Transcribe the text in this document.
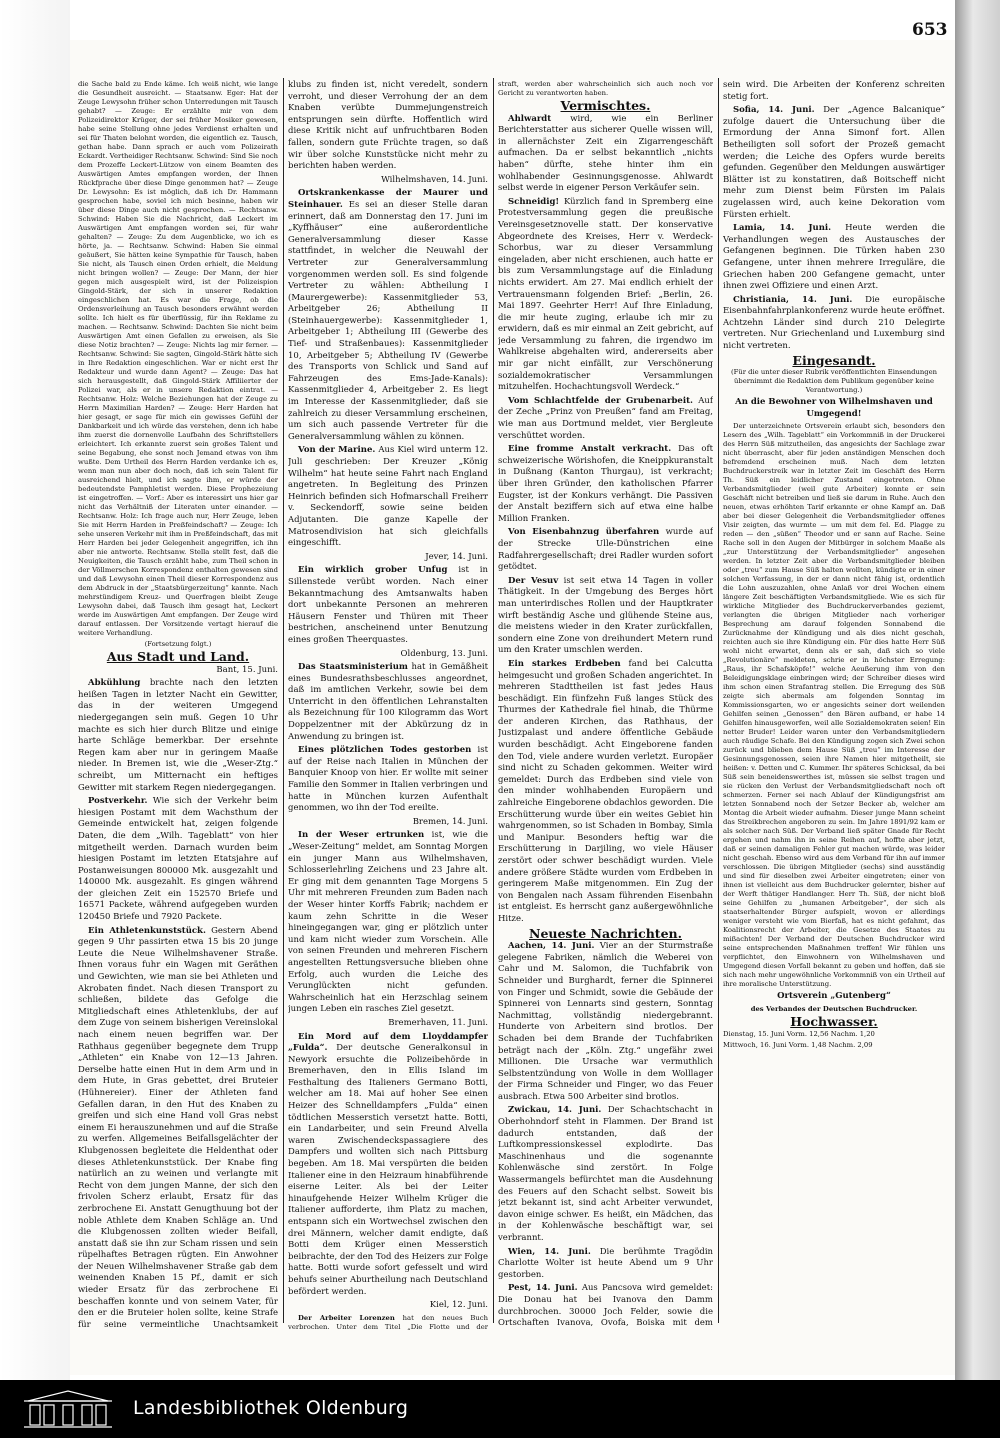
653

die Sache bald zu Ende käme. Ich weiß nicht, wie lange die Gesundheit ausreicht. — Staatsanw. Eger: Hat der Zeuge Lewysohn früher schon Unterredungen mit Tausch gehabt? — Zeuge: Er erzählte mir von dem Polizeidirektor Krüger, der sei früher Mosiker gewesen, habe seine Stellung ohne jedes Verdienst erhalten und sei für Thaten belohnt worden, die eigentlich ez. Tausch, gethan habe. Dann sprach er auch vom Polizeirath Eckardt. Vertheidiger Rechtsanw. Schwind: Sind Sie noch dem Prozeffe Leckert-Lützow von einem Beamten des Auswärtigen Amtes empfangen worden, der Ihnen Rückfprache über diese Dinge genommen hat? — Zeuge Dr. Lewysohn: Es ist möglich, daß ich Dr. Hammann gesprochen habe, soviel ich mich besinne, haben wir über diese Dinge auch nicht gesprochen. — Rechtsanw. Schwind: Haben Sie die Nachricht, daß Leckert im Auswärtigen Amt empfangen worden sei, für wahr gehalten? — Zeuge: Zu dem Augenblicke, wo ich es hörte, ja. — Rechtsanw. Schwind: Haben Sie einmal geäußert, Sie hätten keine Sympathie für Tausch, haben Sie nicht, als Tausch einen Orden erhielt, die Meldung nicht bringen wollen? — Zeuge: Der Mann, der hier gegen mich ausgespielt wird, ist der Polizeispion Gingold-Stärk, der sich in unserer Redaktion eingeschlichen hat. Es war die Frage, ob die Ordensverleihung an Tausch besonders erwähnt werden sollte. Ich hielt es für überflüssig, für ihn Reklame zu machen. — Rechtsanw. Schwind: Dachten Sie nicht beim Auswärtigen Amt einen Gefallen zu erweisen, als Sie diese Notiz brachten? — Zeuge: Nichts lag mir ferner. — Rechtsanw. Schwind: Sie sagten, Gingold-Stärk hätte sich in Ihre Redaktion eingeschlichen. War er nicht erst Ihr Redakteur und wurde dann Agent? — Zeuge: Das hat sich herausgestellt, daß Gingold-Stärk Affiliierter der Polizei war, als er in unsere Redaktion eintrat. — Rechtsanw. Holz: Welche Beziehungen hat der Zeuge zu Herrn Maximilian Harden? — Zeuge: Herr Harden hat hier gesagt, er sage für mich ein gewisses Gefühl der Dankbarkeit und ich würde das verstehen, denn ich habe ihm zuerst die dornenvolle Laufbahn des Schriftstellers erleichtert. Ich erkannte zuerst sein großes Talent und seine Begabung, ehe sonst noch Jemand etwas von ihm wußte. Dem Urtheil des Herrn Harden verdanke ich es, wenn man nun aber doch noch, daß ich sein Talent für ausreichend hielt, und ich sagte ihm, er würde der bedeutendste Pamphletist werden. Diese Prophezeiung ist eingetroffen. — Vorf.: Aber es interessirt uns hier gar nicht das Verhältniß der Literaten unter einander. — Rechtsanw. Holz: Ich frage auch nur, Herr Zeuge, leben Sie mit Herrn Harden in Preßfeindschaft? — Zeuge: Ich sehe unseren Verkehr mit ihm in Preßfeindschaft, das mit Herr Harden bei jeder Gelegenheit angegriffen, ich ihn aber nie antworte. Rechtsanw. Stella stellt fest, daß die Neuigkeiten, die Tausch erzählt habe, zum Theil schon in der Völlmerschen Korrespondenz enthalten gewesen sind und daß Lewysohn einen Theil dieser Korrespondenz aus dem Abdruck in der „Staatsbürgerzeitung“ kannte. Nach mehrstündigem Kreuz- und Querfragen bleibt Zeuge Lewysohn dabei, daß Tausch ihm gesagt hat, Leckert werde im Auswärtigen Amt empfangen. Der Zeuge wird darauf entlassen. Der Vorsitzende vertagt hierauf die weitere Verhandlung.

(Fortsetzung folgt.)

Aus Stadt und Land.

Bant, 15. Juni.

Abkühlung brachte nach den letzten heißen Tagen in letzter Nacht ein Gewitter, das in der weiteren Umgegend niedergegangen sein muß. Gegen 10 Uhr machte es sich hier durch Blitze und einige harte Schläge bemerkbar. Der ersehnte Regen kam aber nur in geringem Maaße nieder. In Bremen ist, wie die „Weser-Ztg.“ schreibt, um Mitternacht ein heftiges Gewitter mit starkem Regen niedergegangen.

Postverkehr. Wie sich der Verkehr beim hiesigen Postamt mit dem Wachsthum der Gemeinde entwickelt hat, zeigen folgende Daten, die dem „Wilh. Tageblatt“ von hier mitgetheilt werden. Darnach wurden beim hiesigen Postamt im letzten Etatsjahre auf Postanweisungen 800000 Mk. ausgezahlt und 140000 Mk. ausgezahlt. Es gingen während der gleichen Zeit ein 152570 Briefe und 16571 Packete, während aufgegeben wurden 120450 Briefe und 7920 Packete.

Ein Athletenkunststück. Gestern Abend gegen 9 Uhr passirten etwa 15 bis 20 junge Leute die Neue Wilhelmshavener Straße. Ihnen voraus fuhr ein Wagen mit Geräthen und Gewichten, wie man sie bei Athleten und Akrobaten findet. Nach diesen Transport zu schließen, bildete das Gefolge die Mitgliedschaft eines Athletenklubs, der auf dem Zuge von seinem bisherigen Vereinslokal nach einem neuen begriffen war. Der Rathhaus gegenüber begegnete dem Trupp „Athleten“ ein Knabe von 12—13 Jahren. Derselbe hatte einen Hut in dem Arm und in dem Hute, in Gras gebettet, drei Bruteier (Hühnereier). Einer der Athleten fand Gefallen daran, in den Hut des Knaben zu greifen und sich eine Hand voll Gras nebst einem Ei herauszunehmen und auf die Straße zu werfen. Allgemeines Beifallsgelächter der Klubgenossen begleitete die Heldenthat oder dieses Athletenkunststück. Der Knabe fing natürlich an zu weinen und verlangte mit Recht von dem jungen Manne, der sich den frivolen Scherz erlaubt, Ersatz für das zerbrochene Ei. Anstatt Genugthuung bot der noble Athlete dem Knaben Schläge an. Und die Klubgenossen zollten wieder Beifall, anstatt daß sie ihn zur Scham rissen und sein rüpelhaftes Betragen rügten. Ein Anwohner der Neuen Wilhelmshavener Straße gab dem weinenden Knaben 15 Pf., damit er sich wieder Ersatz für das zerbrochene Ei beschaffen konnte und von seinem Vater, für den er die Bruteier holen sollte, keine Strafe für seine vermeintliche Unachtsamkeit

klubs zu finden ist, nicht veredelt, sondern verroht, und dieser Verrohung der an dem Knaben verübte Dummejungenstreich entsprungen sein dürfte. Hoffentlich wird diese Kritik nicht auf unfruchtbaren Boden fallen, sondern gute Früchte tragen, so daß wir über solche Kunststücke nicht mehr zu berichten haben werden.

Wilhelmshaven, 14. Juni.

Ortskrankenkasse der Maurer und Steinhauer. Es sei an dieser Stelle daran erinnert, daß am Donnerstag den 17. Juni im „Kyffhäuser“ eine außerordentliche Generalversammlung dieser Kasse stattfindet, in welcher die Neuwahl der Vertreter zur Generalversammlung vorgenommen werden soll. Es sind folgende Vertreter zu wählen: Abtheilung I (Maurergewerbe): Kassenmitglieder 53, Arbeitgeber 26; Abtheilung II (Steinhauergewerbe): Kassenmitglieder 1, Arbeitgeber 1; Abtheilung III (Gewerbe des Tief- und Straßenbaues): Kassenmitglieder 10, Arbeitgeber 5; Abtheilung IV (Gewerbe des Transports von Schlick und Sand auf Fahrzeugen des Ems-Jade-Kanals): Kassenmitglieder 4, Arbeitgeber 2. Es liegt im Interesse der Kassenmitglieder, daß sie zahlreich zu dieser Versammlung erscheinen, um sich auch passende Vertreter für die Generalversammlung wählen zu können.

Von der Marine. Aus Kiel wird unterm 12. Juli geschrieben: Der Kreuzer „König Wilhelm“ hat heute seine Fahrt nach England angetreten. In Begleitung des Prinzen Heinrich befinden sich Hofmarschall Freiherr v. Seckendorff, sowie seine beiden Adjutanten. Die ganze Kapelle der Matrosendivision hat sich gleichfalls eingeschifft.

Jever, 14. Juni.

Ein wirklich grober Unfug ist in Sillenstede verübt worden. Nach einer Bekanntmachung des Amtsanwalts haben dort unbekannte Personen an mehreren Häusern Fenster und Thüren mit Theer bestrichen, anscheinend unter Benutzung eines großen Theerquastes.

Oldenburg, 13. Juni.

Das Staatsministerium hat in Gemäßheit eines Bundesrathsbeschlusses angeordnet, daß im amtlichen Verkehr, sowie bei dem Unterricht in den öffentlichen Lehranstalten als Bezeichnung für 100 Kilogramm das Wort Doppelzentner mit der Abkürzung dz in Anwendung zu bringen ist.

Eines plötzlichen Todes gestorben ist auf der Reise nach Italien in München der Banquier Knoop von hier. Er wollte mit seiner Familie den Sommer in Italien verbringen und hatte in München kurzen Aufenthalt genommen, wo ihn der Tod ereilte.

Bremen, 14. Juni.

In der Weser ertrunken ist, wie die „Weser-Zeitung“ meldet, am Sonntag Morgen ein junger Mann aus Wilhelmshaven, Schlosserlehrling Zeichens und 23 Jahre alt. Er ging mit dem genannten Tage Morgens 5 Uhr mit mehreren Freunden zum Baden nach der Weser hinter Korffs Fabrik; nachdem er kaum zehn Schritte in die Weser hineingegangen war, ging er plötzlich unter und kam nicht wieder zum Vorschein. Alle von seinen Freunden und mehreren Fischern angestellten Rettungsversuche blieben ohne Erfolg, auch wurden die Leiche des Verunglückten nicht gefunden. Wahrscheinlich hat ein Herzschlag seinem jungen Leben ein rasches Ziel gesetzt.

Bremerhaven, 11. Juni.

Ein Mord auf dem Lloyddampfer „Fulda“. Der deutsche Generalkonsul in Newyork ersuchte die Polizeibehörde in Bremerhaven, den in Ellis Island im Festhaltung des Italieners Germano Botti, welcher am 18. Mai auf hoher See einen Heizer des Schnelldampfers „Fulda“ einen tödtlichen Messerstich versetzt hatte. Botti, ein Landarbeiter, und sein Freund Alvella waren Zwischendeckspassagiere des Dampfers und wollten sich nach Pittsburg begeben. Am 18. Mai verspürten die beiden Italiener eine in den Heizraum hinabführende eiserne Leiter. Als bei der Leiter hinaufgehende Heizer Wilhelm Krüger die Italiener aufforderte, ihm Platz zu machen, entspann sich ein Wortwechsel zwischen den drei Männern, welcher damit endigte, daß Botti dem Krüger einen Messerstich beibrachte, der den Tod des Heizers zur Folge hatte. Botti wurde sofort gefesselt und wird behufs seiner Aburtheilung nach Deutschland befördert werden.

Kiel, 12. Juni.

Der Arbeiter Lorenzen hat den neues Buch verbrochen. Unter dem Titel „Die Flotte und der

straft, werden aber wahrscheinlich sich auch noch vor Gericht zu verantworten haben.

Vermischtes.

Ahlwardt wird, wie ein Berliner Berichterstatter aus sicherer Quelle wissen will, in allernächster Zeit ein Zigarrengeschäft aufmachen. Da er selbst bekanntlich „nichts haben“ dürfte, stehe hinter ihm ein wohlhabender Gesinnungsgenosse. Ahlwardt selbst werde in eigener Person Verkäufer sein.

Schneidig! Kürzlich fand in Spremberg eine Protestversammlung gegen die preußische Vereinsgesetznovelle statt. Der konservative Abgeordnete des Kreises, Herr v. Werdeck-Schorbus, war zu dieser Versammlung eingeladen, aber nicht erschienen, auch hatte er bis zum Versammlungstage auf die Einladung nichts erwidert. Am 27. Mai endlich erhielt der Vertrauensmann folgenden Brief: „Berlin, 26. Mai 1897. Geehrter Herr! Auf Ihre Einladung, die mir heute zuging, erlaube ich mir zu erwidern, daß es mir einmal an Zeit gebricht, auf jede Versammlung zu fahren, die irgendwo im Wahlkreise abgehalten wird, andererseits aber mir gar nicht einfällt, zur Verschönerung sozialdemokratischer Versammlungen mitzuhelfen. Hochachtungsvoll Werdeck.“

Vom Schlachtfelde der Grubenarbeit. Auf der Zeche „Prinz von Preußen“ fand am Freitag, wie man aus Dortmund meldet, vier Bergleute verschüttet worden.

Eine fromme Anstalt verkracht. Das oft schweizerische Wörishofen, die Kneippkuranstalt in Dußnang (Kanton Thurgau), ist verkracht; über ihren Gründer, den katholischen Pfarrer Eugster, ist der Konkurs verhängt. Die Passiven der Anstalt beziffern sich auf etwa eine halbe Million Franken.

Von Eisenbahnzug überfahren wurde auf der Strecke Ulle-Dünstrichen eine Radfahrergesellschaft; drei Radler wurden sofort getödtet.

Der Vesuv ist seit etwa 14 Tagen in voller Thätigkeit. In der Umgebung des Berges hört man unterirdisches Rollen und der Hauptkrater wirft beständig Asche und glühende Steine aus, die meistens wieder in den Krater zurückfallen, sondern eine Zone von dreihundert Metern rund um den Krater umschlen werden.

Ein starkes Erdbeben fand bei Calcutta heimgesucht und großen Schaden angerichtet. In mehreren Stadttheilen ist fast jedes Haus beschädigt. Ein fünfzehn Fuß langes Stück des Thurmes der Kathedrale fiel hinab, die Thürme der anderen Kirchen, das Rathhaus, der Justizpalast und andere öffentliche Gebäude wurden beschädigt. Acht Eingeborene fanden den Tod, viele andere wurden verletzt. Europäer sind nicht zu Schaden gekommen. Weiter wird gemeldet: Durch das Erdbeben sind viele von den minder wohlhabenden Europäern und zahlreiche Eingeborene obdachlos geworden. Die Erschütterung wurde über ein weites Gebiet hin wahrgenommen, so ist Schaden in Bombay, Simla und Manipur. Besonders heftig war die Erschütterung in Darjiling, wo viele Häuser zerstört oder schwer beschädigt wurden. Viele andere größere Städte wurden vom Erdbeben in geringerem Maße mitgenommen. Ein Zug der von Bengalen nach Assam führenden Eisenbahn ist entgleist. Es herrscht ganz außergewöhnliche Hitze.

Neueste Nachrichten.

Aachen, 14. Juni. Vier an der Sturmstraße gelegene Fabriken, nämlich die Weberei von Cahr und M. Salomon, die Tuchfabrik von Schneider und Burghardt, ferner die Spinnerei von Finger und Schmidt, sowie die Gebäude der Spinnerei von Lennarts sind gestern, Sonntag Nachmittag, vollständig niedergebrannt. Hunderte von Arbeitern sind brotlos. Der Schaden bei dem Brande der Tuchfabriken beträgt nach der „Köln. Ztg.“ ungefähr zwei Millionen. Die Ursache war vermuthlich Selbstentzündung von Wolle in dem Wolllager der Firma Schneider und Finger, wo das Feuer ausbrach. Etwa 500 Arbeiter sind brotlos.

Zwickau, 14. Juni. Der Schachtschacht in Oberhohndorf steht in Flammen. Der Brand ist dadurch entstanden, daß der Luftkompressionskessel explodirte. Das Maschinenhaus und die sogenannte Kohlenwäsche sind zerstört. In Folge Wassermangels befürchtet man die Ausdehnung des Feuers auf den Schacht selbst. Soweit bis jetzt bekannt ist, sind acht Arbeiter verwundet, davon einige schwer. Es heißt, ein Mädchen, das in der Kohlenwäsche beschäftigt war, sei verbrannt.

Wien, 14. Juni. Die berühmte Tragödin Charlotte Wolter ist heute Abend um 9 Uhr gestorben.

Pest, 14. Juni. Aus Pancsova wird gemeldet: Die Donau hat bei Ivanova den Damm durchbrochen. 30000 Joch Felder, sowie die Ortschaften Ivanova, Ovofa, Boiska mit dem

sein wird. Die Arbeiten der Konferenz schreiten stetig fort.

Sofia, 14. Juni. Der „Agence Balcanique“ zufolge dauert die Untersuchung über die Ermordung der Anna Simonf fort. Allen Betheiligten soll sofort der Prozeß gemacht werden; die Leiche des Opfers wurde bereits gefunden. Gegenüber den Meldungen auswärtiger Blätter ist zu konstatiren, daß Boitscheff nicht mehr zum Dienst beim Fürsten im Palais zugelassen wird, auch keine Dekoration vom Fürsten erhielt.

Lamia, 14. Juni. Heute werden die Verhandlungen wegen des Austausches der Gefangenen beginnen. Die Türken haben 230 Gefangene, unter ihnen mehrere Irreguläre, die Griechen haben 200 Gefangene gemacht, unter ihnen zwei Offiziere und einen Arzt.

Christiania, 14. Juni. Die europäische Eisenbahnfahrplankonferenz wurde heute eröffnet. Achtzehn Länder sind durch 210 Delegirte vertreten. Nur Griechenland und Luxemburg sind nicht vertreten.

Eingesandt.

(Für die unter dieser Rubrik veröffentlichten Einsendungen übernimmt die Redaktion dem Publikum gegenüber keine Verantwortung.)

An die Bewohner von Wilhelmshaven und Umgegend!

Der unterzeichnete Ortsverein erlaubt sich, besonders den Lesern des „Wilh. Tageblatt“ ein Vorkommniß in der Druckerei des Herrn Süß mitzutheilen, das angesichts der Sachlage zwar nicht überrascht, aber für jeden anständigen Menschen doch befremdend erscheinen muß. Nach dem letzten Buchdruckerstreik war in letzter Zeit im Geschäft des Herrn Th. Süß ein leidlicher Zustand eingetreten. Ohne Verbandsmitglieder (weil gute Arbeiter) konnte er sein Geschäft nicht betreiben und ließ sie darum in Ruhe. Auch den neuen, etwas erhöhten Tarif erkannte er ohne Kampf an. Daß aber bei dieser Gelegenheit die Verbandsmitglieder offenes Visir zeigten, das wurmte — um mit dem fel. Ed. Plagge zu reden — den „süßen“ Theodor und er sann auf Rache. Seine Rache soll in den Augen der Mitbürger in solchem Maaße als „zur Unterstützung der Verbandsmitglieder“ angesehen werden. In letzter Zeit aber die Verbandsmitglieder bleiben oder „treu“ zum Hause Süß halten wollten, kündigte er in einer solchen Verfassung, in der er dann nicht fähig ist, ordentlich die Lohn auszuzahlen, ohne Anlaß vor drei Wochen einem längere Zeit beschäftigten Verbandsmitgliede. Wie es sich für wirkliche Mitglieder des Buchdruckerverbandes geziemt, verlangten die übrigen Mitglieder nach vorheriger Besprechung am darauf folgenden Sonnabend die Zurücknahme der Kündigung und als dies nicht geschah, reichten auch sie ihre Kündigung ein. Für dies hatte Herr Süß wohl nicht erwartet, denn als er sah, daß sich so viele „Revolutionäre“ meldeten, schrie er in höchster Erregung: „Raus, ihr Schafsköpfe!“ welche Aeußerung ihm von den Beleidigungsklage einbringen wird; der Schreiber dieses wird ihm schon einen Strafantrag stellen. Die Erregung des Süß zeigte sich abermals am folgenden Sonntag im Kommissionsgarten, wo er angesichts seiner dort weilenden Gehilfen seinen „Genossen“ den Bären aufband, er habe 14 Gehilfen hinausgeworfen, weil alle Sozialdemokraten seien! Ein netter Bruder! Leider waren unter den Verbandsmitgliedern auch räudige Schafe. Bei den Kündigung zogen sich Zwei schon zurück und blieben dem Hause Süß „treu“ im Interesse der Gesinnungsgenossen, seien ihre Namen hier mitgetheilt, sie heißen: v. Detten und C. Kummer. Ihr späteres Schicksal, da bei Süß sein beneidenswerthes ist, müssen sie selbst tragen und sie rücken den Verlust der Verbandsmitgliedschaft noch oft schmerzen. Ferner sei nach Ablauf der Kündigungsfrist am letzten Sonnabend noch der Setzer Becker ab, welcher am Montag die Arbeit wieder aufnahm. Dieser junge Mann scheint das Streikbrechen angeboren zu sein. Im Jahre 1891/92 kam er als solcher nach Süß. Der Verband ließ später Gnade für Recht ergehen und nahm ihn in seine Reihen auf, hoffte aber jetzt, daß er seinen damaligen Fehler gut machen würde, was leider nicht geschah. Ebenso wird aus dem Verband für ihn auf immer verschlossen. Die übrigen Mitglieder (sechs) sind ausständig und sind für dieselben zwei Arbeiter eingetreten; einer von ihnen ist vielleicht aus dem Buchdrucker gelernter, bisher auf der Werft thätiger Handlanger. Herr Th. Süß, der nicht bloß seine Gehilfen zu „humanen Arbeitgeber“, der sich als staatserhaltender Bürger aufspielt, wovon er allerdings weniger versteht wie vom Bierfaß, hat es nicht gefahmt, das Koalitionsrecht der Arbeiter, die Gesetze des Staates zu mißachten! Der Verband der Deutschen Buchdrucker wird seine entsprechenden Maßnahmen treffen! Wir fühlen uns verpflichtet, den Einwohnern von Wilhelmshaven und Umgegend diesen Vorfall bekannt zu geben und hoffen, daß sie sich nach mehr ungewöhnliche Vorkommniß von ein Urtheil auf ihre moralische Unterstützung.

Ortsverein „Gutenberg“

des Verbandes der Deutschen Buchdrucker.

Hochwasser.

Dienstag, 15. Juni Vorm. 12,56 Nachm. 1,20

Mittwoch, 16. Juni Vorm. 1,48 Nachm. 2,09

Landesbibliothek Oldenburg
